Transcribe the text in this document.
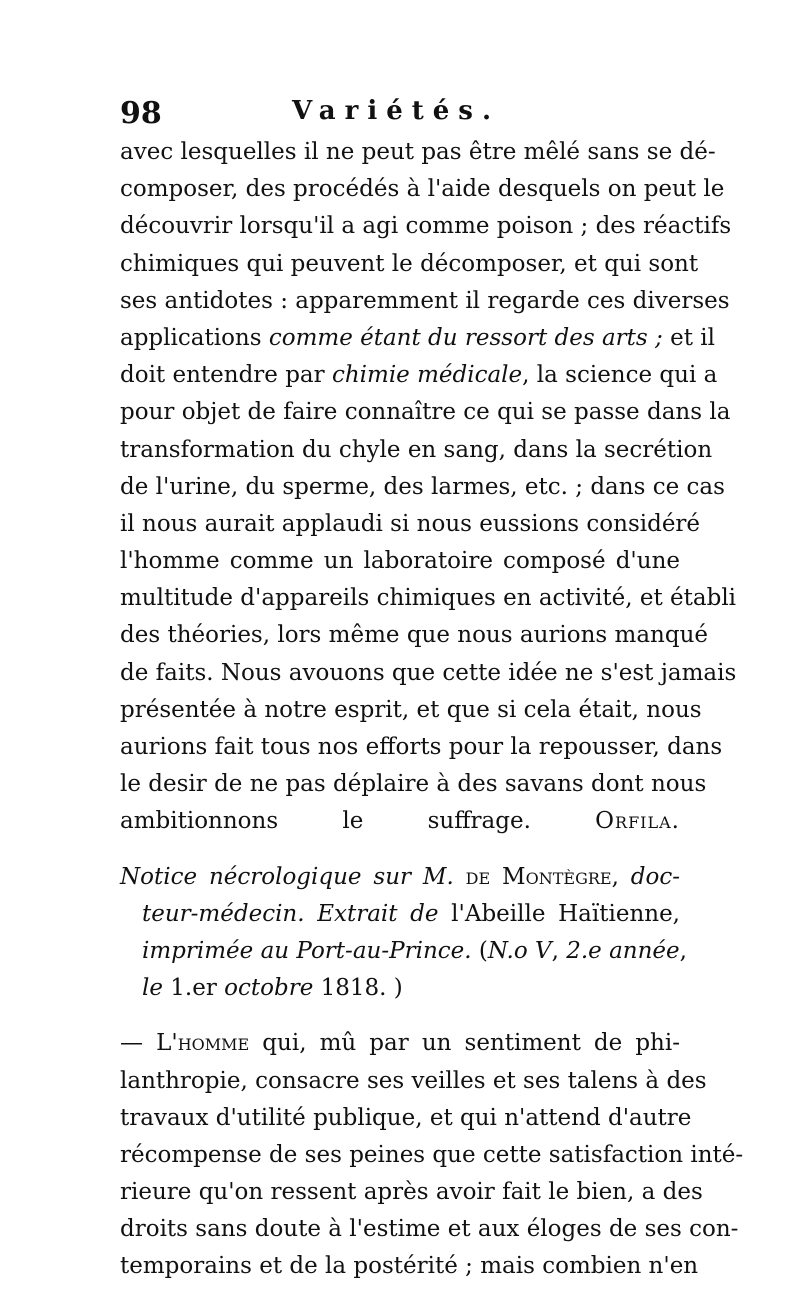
98	Variétés.
avec lesquelles il ne peut pas être mêlé sans se dé-
composer, des procédés à l'aide desquels on peut le
découvrir lorsqu'il a agi comme poison ; des réactifs
chimiques qui peuvent le décomposer, et qui sont
ses antidotes : apparemment il regarde ces diverses
applications comme étant du ressort des arts ; et il
doit entendre par chimie médicale, la science qui a
pour objet de faire connaître ce qui se passe dans la
transformation du chyle en sang, dans la secrétion
de l'urine, du sperme, des larmes, etc. ; dans ce cas
il nous aurait applaudi si nous eussions considéré
l'homme comme un laboratoire composé d'une
multitude d'appareils chimiques en activité, et établi
des théories, lors même que nous aurions manqué
de faits. Nous avouons que cette idée ne s'est jamais
présentée à notre esprit, et que si cela était, nous
aurions fait tous nos efforts pour la repousser, dans
le desir de ne pas déplaire à des savans dont nous
ambitionnons le suffrage.	Orfila.
Notice nécrologique sur M. de Montègre, doc-
teur-médecin. Extrait de l'Abeille Haïtienne,
imprimée au Port-au-Prince. (N.o V, 2.e année,
le 1.er octobre 1818. )
— L'homme qui, mû par un sentiment de phi-
lanthropie, consacre ses veilles et ses talens à des
travaux d'utilité publique, et qui n'attend d'autre
récompense de ses peines que cette satisfaction inté-
rieure qu'on ressent après avoir fait le bien, a des
droits sans doute à l'estime et aux éloges de ses con-
temporains et de la postérité ; mais combien n'en
